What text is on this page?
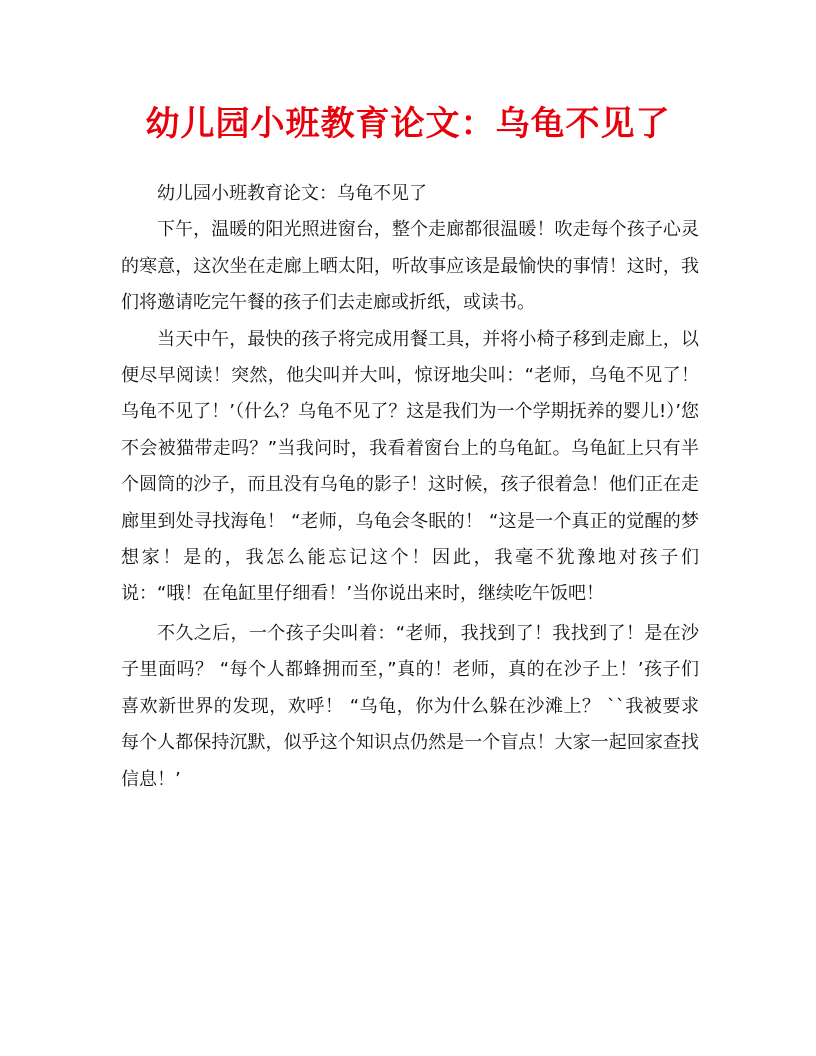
幼儿园小班教育论文：乌龟不见了

幼儿园小班教育论文：乌龟不见了

下午，温暖的阳光照进窗台，整个走廊都很温暖！吹走每个孩子心灵的寒意，这次坐在走廊上晒太阳，听故事应该是最愉快的事情！这时，我们将邀请吃完午餐的孩子们去走廊或折纸，或读书。

当天中午，最快的孩子将完成用餐工具，并将小椅子移到走廊上，以便尽早阅读！突然，他尖叫并大叫，惊讶地尖叫：“老师，乌龟不见了！乌龟不见了！’（什么？乌龟不见了？这是我们为一个学期抚养的婴儿!）’您不会被猫带走吗？”当我问时，我看着窗台上的乌龟缸。乌龟缸上只有半个圆筒的沙子，而且没有乌龟的影子！这时候，孩子很着急！他们正在走廊里到处寻找海龟！ “老师，乌龟会冬眠的！ “这是一个真正的觉醒的梦想家！是的，我怎么能忘记这个！因此，我毫不犹豫地对孩子们说：“哦！在龟缸里仔细看！’当你说出来时，继续吃午饭吧！

不久之后，一个孩子尖叫着：“老师，我找到了！我找到了！是在沙子里面吗？ “每个人都蜂拥而至，”真的！老师，真的在沙子上！’孩子们喜欢新世界的发现，欢呼！ “乌龟，你为什么躲在沙滩上？ ``我被要求每个人都保持沉默，似乎这个知识点仍然是一个盲点！大家一起回家查找信息！’
